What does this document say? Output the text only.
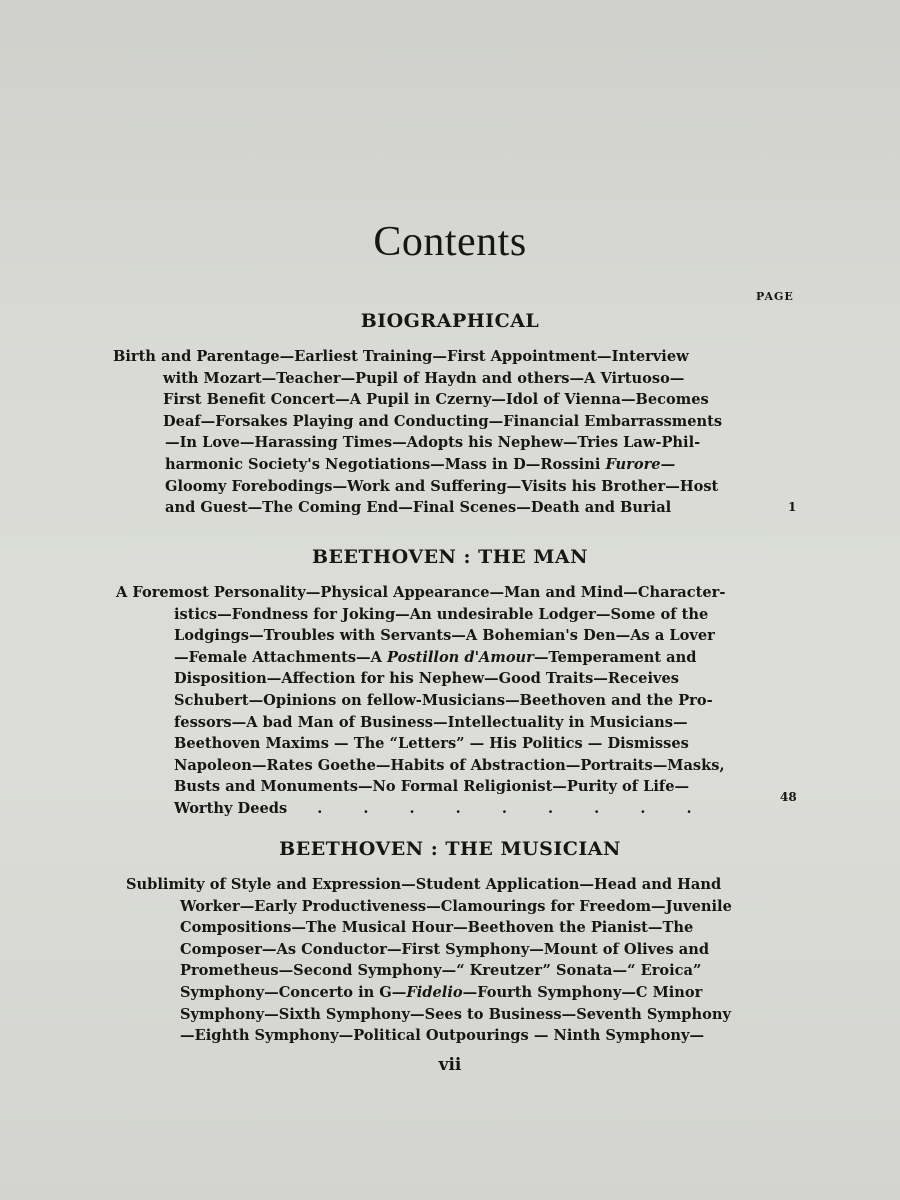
Contents
PAGE
BIOGRAPHICAL
Birth and Parentage—Earliest Training—First Appointment—Interview
with Mozart—Teacher—Pupil of Haydn and others—A Virtuoso—
First Benefit Concert—A Pupil in Czerny—Idol of Vienna—Becomes
Deaf—Forsakes Playing and Conducting—Financial Embarrassments
—In Love—Harassing Times—Adopts his Nephew—Tries Law-Phil-
harmonic Society's Negotiations—Mass in D—Rossini Furore—
Gloomy Forebodings—Work and Suffering—Visits his Brother—Host
and Guest—The Coming End—Final Scenes—Death and Burial	1
BEETHOVEN : THE MAN
A Foremost Personality—Physical Appearance—Man and Mind—Character-
istics—Fondness for Joking—An undesirable Lodger—Some of the
Lodgings—Troubles with Servants—A Bohemian's Den—As a Lover
—Female Attachments—A Postillon d'Amour—Temperament and
Disposition—Affection for his Nephew—Good Traits—Receives
Schubert—Opinions on fellow-Musicians—Beethoven and the Pro-
fessors—A bad Man of Business—Intellectuality in Musicians—
Beethoven Maxims — The “Letters” — His Politics — Dismisses
Napoleon—Rates Goethe—Habits of Abstraction—Portraits—Masks,
Busts and Monuments—No Formal Religionist—Purity of Life—
Worthy Deeds . . . . . . . . .
48
BEETHOVEN : THE MUSICIAN
Sublimity of Style and Expression—Student Application—Head and Hand
Worker—Early Productiveness—Clamourings for Freedom—Juvenile
Compositions—The Musical Hour—Beethoven the Pianist—The
Composer—As Conductor—First Symphony—Mount of Olives and
Prometheus—Second Symphony—“ Kreutzer” Sonata—“ Eroica”
Symphony—Concerto in G—Fidelio—Fourth Symphony—C Minor
Symphony—Sixth Symphony—Sees to Business—Seventh Symphony
—Eighth Symphony—Political Outpourings — Ninth Symphony—
vii
